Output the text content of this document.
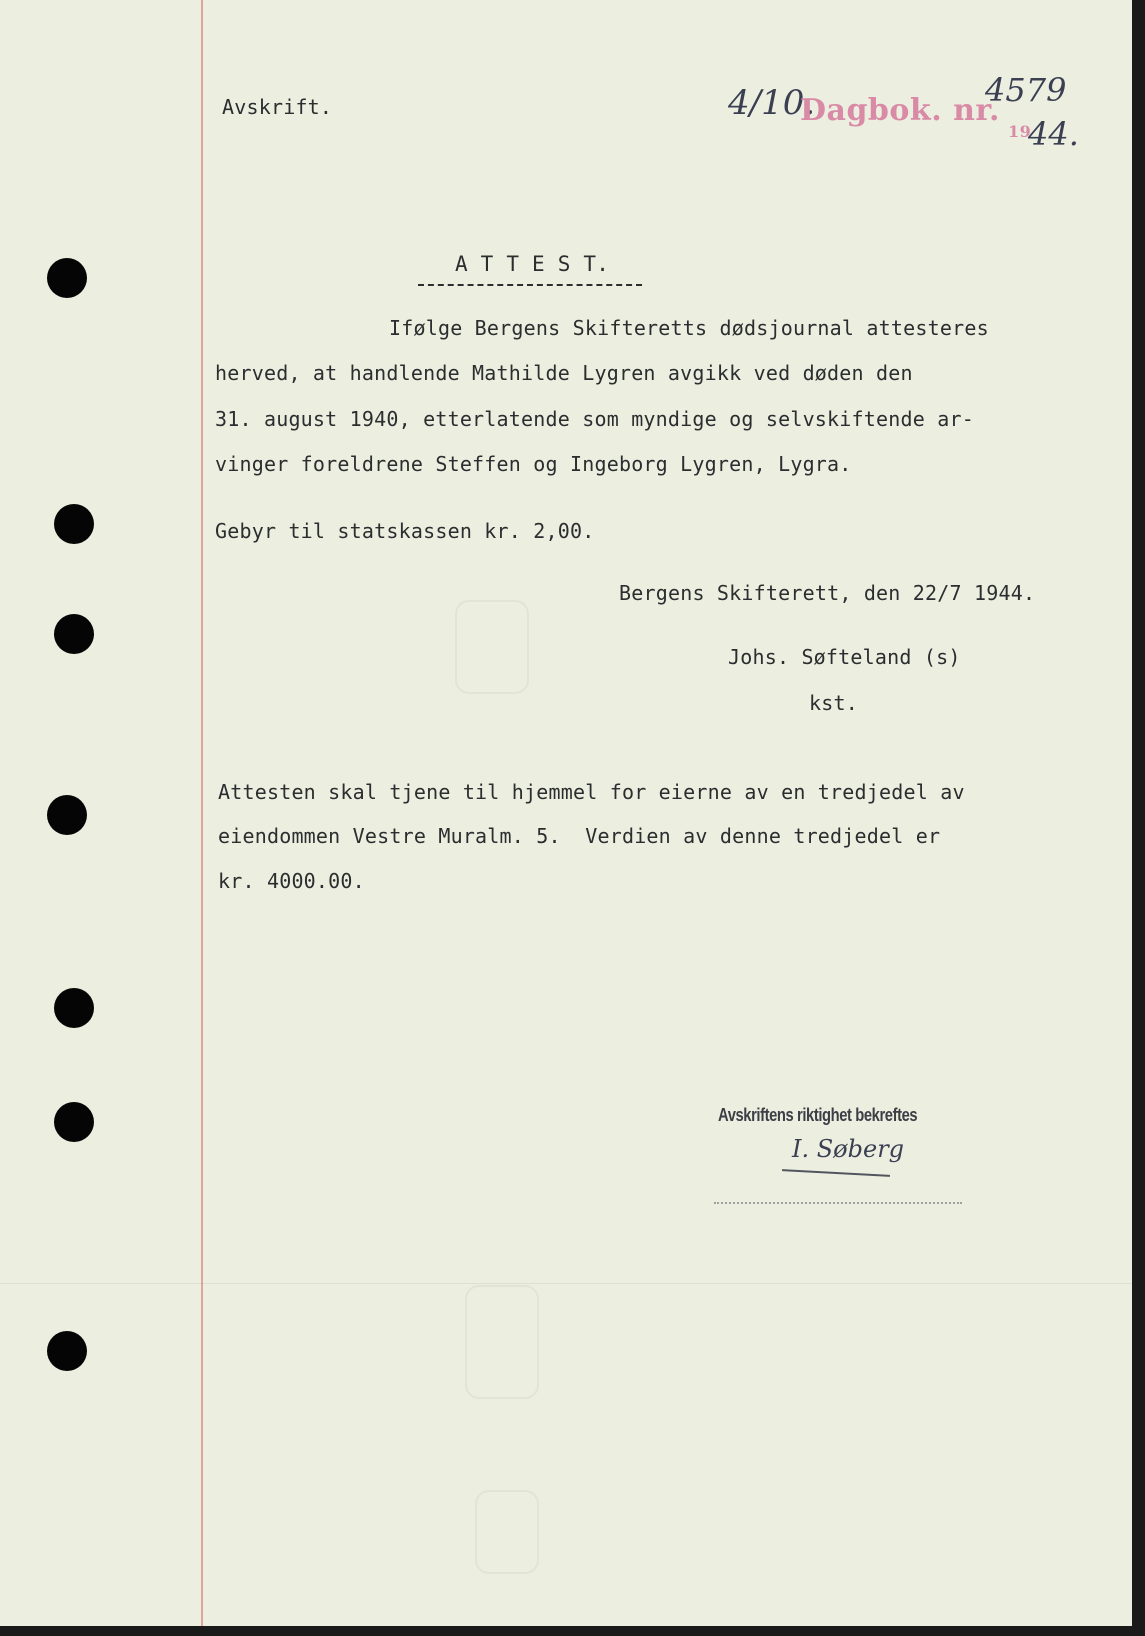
Avskrift.	4/10.
Dagbok. nr.
4579
19
44.

A T T E S T.

Ifølge Bergens Skifteretts dødsjournal attesteres

herved, at handlende Mathilde Lygren avgikk ved døden den

31. august 1940, etterlatende som myndige og selvskiftende ar-

vinger foreldrene Steffen og Ingeborg Lygren, Lygra.

Gebyr til statskassen kr. 2,00.

Bergens Skifterett, den 22/7 1944.

Johs. Søfteland (s)

kst.

Attesten skal tjene til hjemmel for eierne av en tredjedel av

eiendommen Vestre Muralm. 5.  Verdien av denne tredjedel er

kr. 4000.00.

Avskriftens riktighet bekreftes
I. Søberg
